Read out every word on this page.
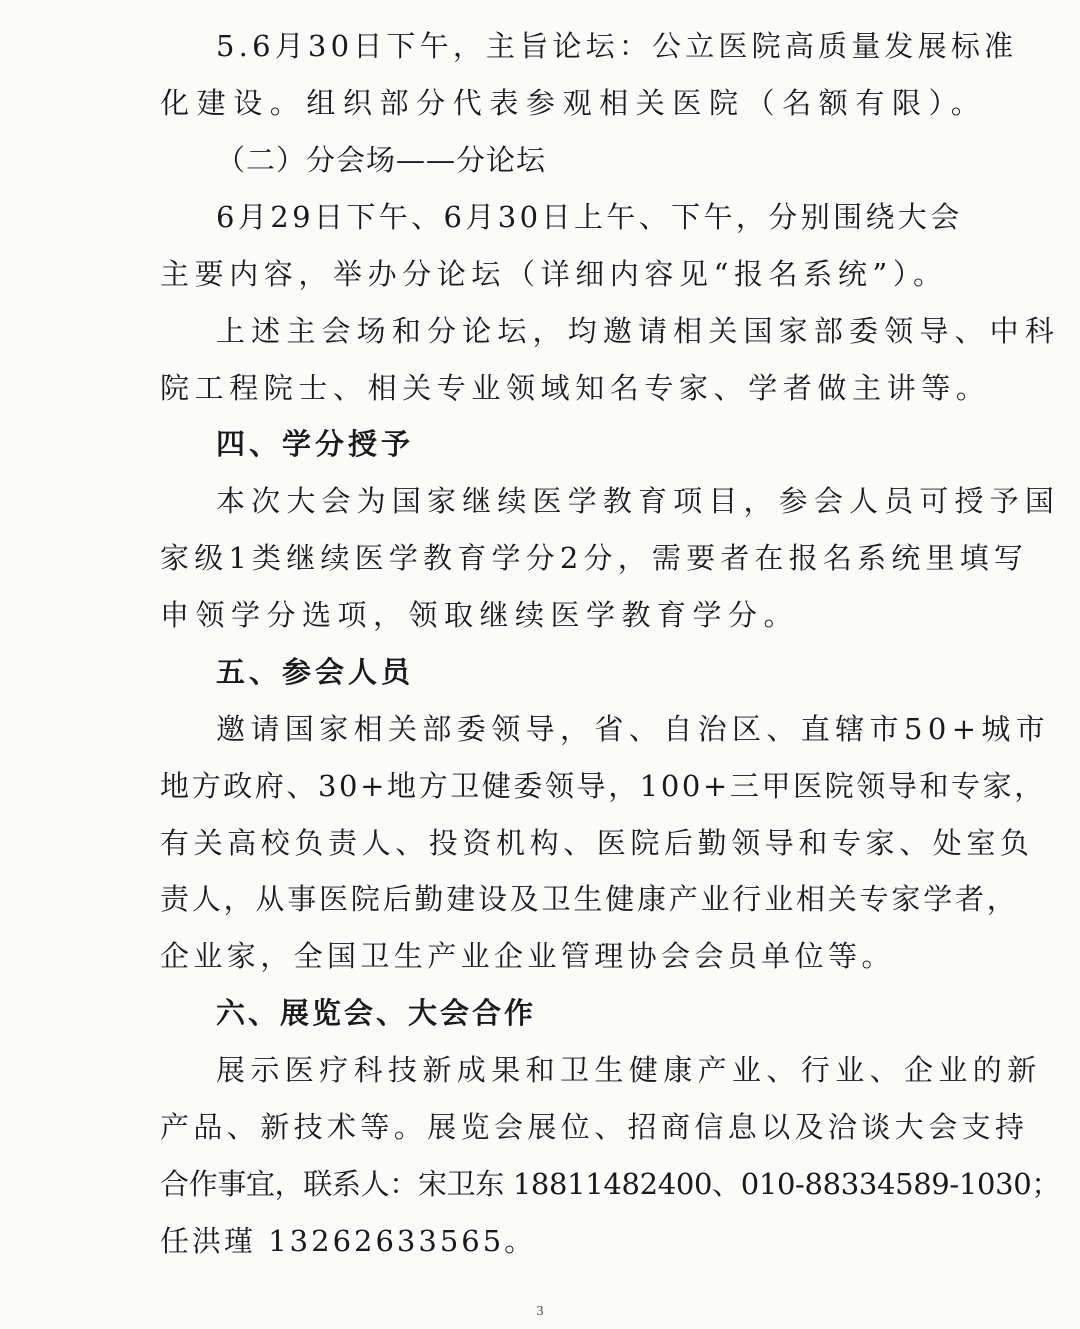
5.6月30日下午，主旨论坛：公立医院高质量发展标准
化建设。组织部分代表参观相关医院（名额有限）。
（二）分会场——分论坛
6月29日下午、6月30日上午、下午，分别围绕大会
主要内容，举办分论坛（详细内容见“报名系统”）。
上述主会场和分论坛，均邀请相关国家部委领导、中科
院工程院士、相关专业领域知名专家、学者做主讲等。
四、学分授予
本次大会为国家继续医学教育项目，参会人员可授予国
家级1类继续医学教育学分2分，需要者在报名系统里填写
申领学分选项，领取继续医学教育学分。
五、参会人员
邀请国家相关部委领导，省、自治区、直辖市50+城市
地方政府、30+地方卫健委领导，100+三甲医院领导和专家，
有关高校负责人、投资机构、医院后勤领导和专家、处室负
责人，从事医院后勤建设及卫生健康产业行业相关专家学者，
企业家，全国卫生产业企业管理协会会员单位等。
六、展览会、大会合作
展示医疗科技新成果和卫生健康产业、行业、企业的新
产品、新技术等。展览会展位、招商信息以及洽谈大会支持
合作事宜，联系人：宋卫东 18811482400、010-88334589-1030；
任洪瑾 13262633565。
3
